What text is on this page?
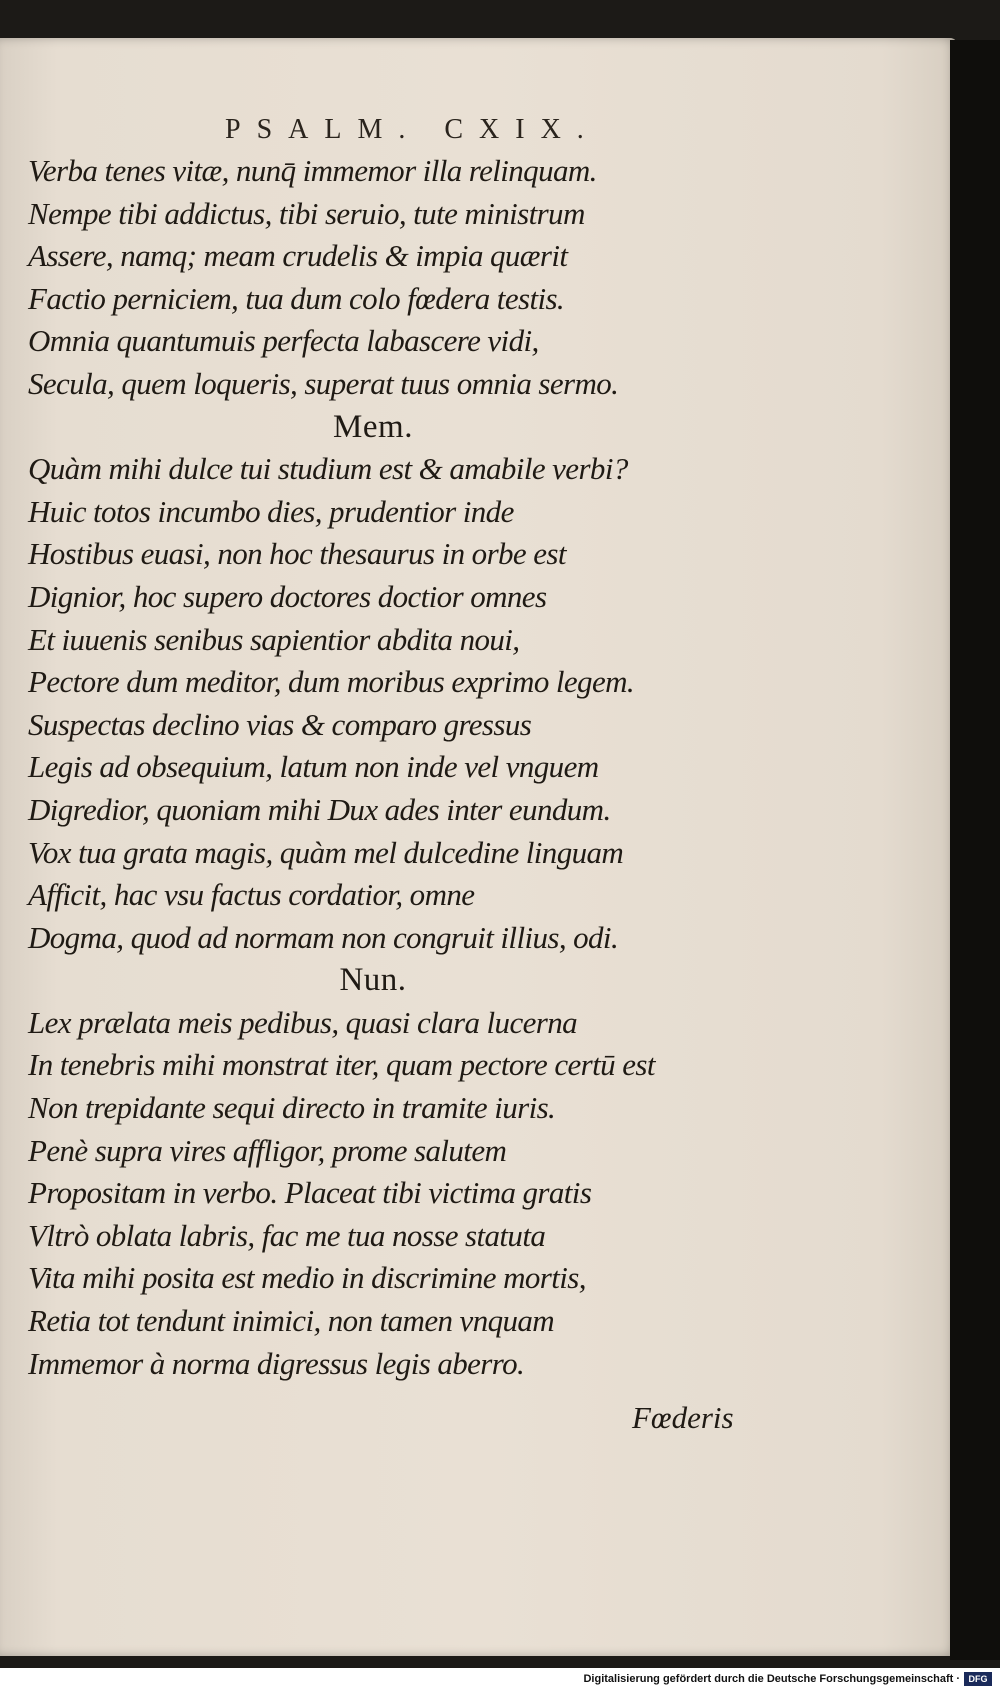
PSALM. CXIX.
Verba tenes vitæ, nunq̄ immemor illa relinquam.
Nempe tibi addictus, tibi seruio, tute ministrum
Assere, namq; meam crudelis & impia quærit
Factio perniciem, tua dum colo fœdera testis.
Omnia quantumuis perfecta labascere vidi,
Secula, quem loqueris, superat tuus omnia sermo.
Mem.
Quàm mihi dulce tui studium est & amabile verbi?
Huic totos incumbo dies, prudentior inde
Hostibus euasi, non hoc thesaurus in orbe est
Dignior, hoc supero doctores doctior omnes
Et iuuenis senibus sapientior abdita noui,
Pectore dum meditor, dum moribus exprimo legem.
Suspectas declino vias & comparo gressus
Legis ad obsequium, latum non inde vel vnguem
Digredior, quoniam mihi Dux ades inter eundum.
Vox tua grata magis, quàm mel dulcedine linguam
Afficit, hac vsu factus cordatior, omne
Dogma, quod ad normam non congruit illius, odi.
Nun.
Lex prælata meis pedibus, quasi clara lucerna
In tenebris mihi monstrat iter, quam pectore certū est
Non trepidante sequi directo in tramite iuris.
Penè supra vires affligor, prome salutem
Propositam in verbo. Placeat tibi victima gratis
Vltrò oblata labris, fac me tua nosse statuta
Vita mihi posita est medio in discrimine mortis,
Retia tot tendunt inimici, non tamen vnquam
Immemor à norma digressus legis aberro.
Fœderis
Digitalisierung gefördert durch die Deutsche Forschungsgemeinschaft · DFG
